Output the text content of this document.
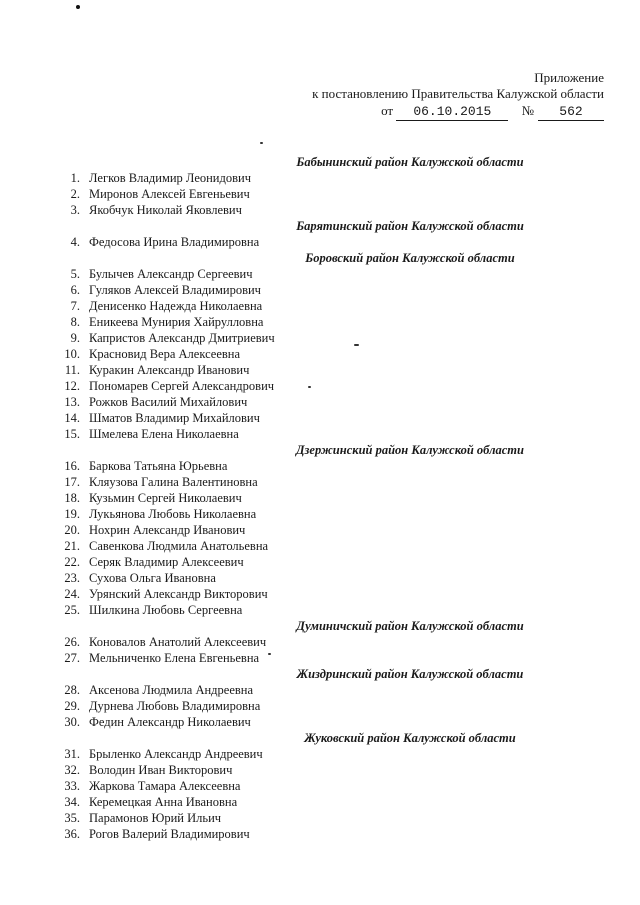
Приложение
к постановлению Правительства Калужской области
от 06.10.2015 № 562
Бабынинский район Калужской области
1. Легков Владимир Леонидович
2. Миронов Алексей Евгеньевич
3. Якобчук Николай Яковлевич
Барятинский район Калужской области
4. Федосова Ирина Владимировна
Боровский район Калужской области
5. Булычев Александр Сергеевич
6. Гуляков Алексей Владимирович
7. Денисенко Надежда Николаевна
8. Еникеева Мунирия Хайрулловна
9. Капристов Александр Дмитриевич
10. Красновид Вера Алексеевна
11. Куракин Александр Иванович
12. Пономарев Сергей Александрович
13. Рожков Василий Михайлович
14. Шматов Владимир Михайлович
15. Шмелева Елена Николаевна
Дзержинский район Калужской области
16. Баркова Татьяна Юрьевна
17. Кляузова Галина Валентиновна
18. Кузьмин Сергей Николаевич
19. Лукьянова Любовь Николаевна
20. Нохрин Александр Иванович
21. Савенкова Людмила Анатольевна
22. Серяк Владимир Алексеевич
23. Сухова Ольга Ивановна
24. Урянский Александр Викторович
25. Шилкина Любовь Сергеевна
Думиничский район Калужской области
26. Коновалов Анатолий Алексеевич
27. Мельниченко Елена Евгеньевна
Жиздринский район Калужской области
28. Аксенова Людмила Андреевна
29. Дурнева Любовь Владимировна
30. Федин Александр Николаевич
Жуковский район Калужской области
31. Брыленко Александр Андреевич
32. Володин Иван Викторович
33. Жаркова Тамара Алексеевна
34. Керемецкая Анна Ивановна
35. Парамонов Юрий Ильич
36. Рогов Валерий Владимирович
